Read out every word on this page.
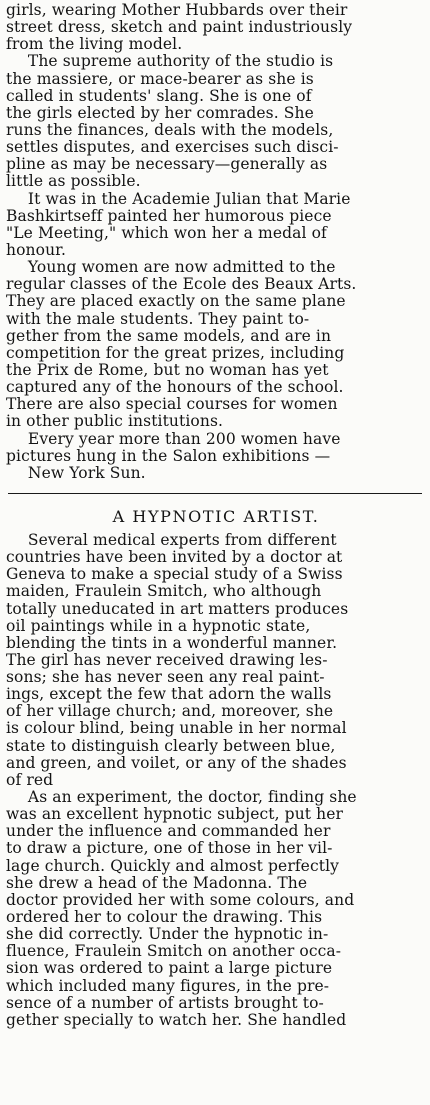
girls, wearing Mother Hubbards over their
street dress, sketch and paint industriously
from the living model.
The supreme authority of the studio is
the massiere, or mace-bearer as she is
called in students' slang. She is one of
the girls elected by her comrades. She
runs the finances, deals with the models,
settles disputes, and exercises such disci-
pline as may be necessary—generally as
little as possible.
It was in the Academie Julian that Marie
Bashkirtseff painted her humorous piece
"Le Meeting," which won her a medal of
honour.
Young women are now admitted to the
regular classes of the Ecole des Beaux Arts.
They are placed exactly on the same plane
with the male students. They paint to-
gether from the same models, and are in
competition for the great prizes, including
the Prix de Rome, but no woman has yet
captured any of the honours of the school.
There are also special courses for women
in other public institutions.
Every year more than 200 women have
pictures hung in the Salon exhibitions —
New York Sun.
A HYPNOTIC ARTIST.
Several medical experts from different
countries have been invited by a doctor at
Geneva to make a special study of a Swiss
maiden, Fraulein Smitch, who although
totally uneducated in art matters produces
oil paintings while in a hypnotic state,
blending the tints in a wonderful manner.
The girl has never received drawing les-
sons; she has never seen any real paint-
ings, except the few that adorn the walls
of her village church; and, moreover, she
is colour blind, being unable in her normal
state to distinguish clearly between blue,
and green, and voilet, or any of the shades
of red
As an experiment, the doctor, finding she
was an excellent hypnotic subject, put her
under the influence and commanded her
to draw a picture, one of those in her vil-
lage church. Quickly and almost perfectly
she drew a head of the Madonna. The
doctor provided her with some colours, and
ordered her to colour the drawing. This
she did correctly. Under the hypnotic in-
fluence, Fraulein Smitch on another occa-
sion was ordered to paint a large picture
which included many figures, in the pre-
sence of a number of artists brought to-
gether specially to watch her. She handled
